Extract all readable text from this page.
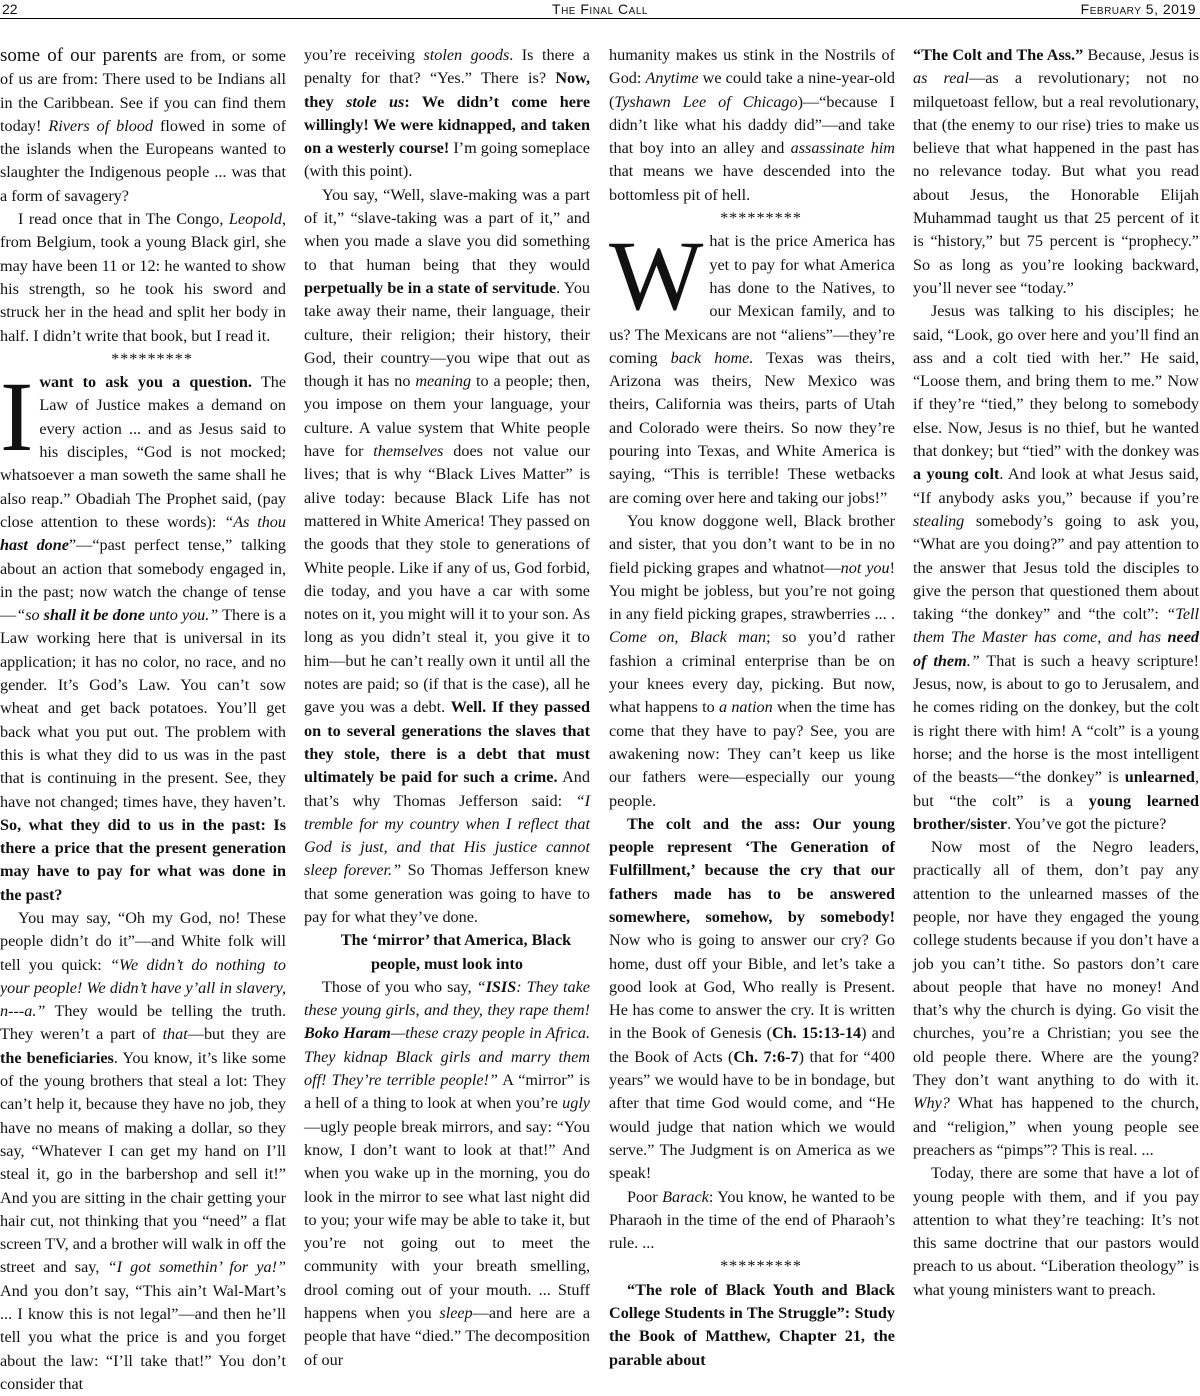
22	The Final Call	February 5, 2019

some of our parents are from, or some of us are from: There used to be Indians all in the Caribbean. See if you can find them today! Rivers of blood flowed in some of the islands when the Europeans wanted to slaughter the Indigenous people ... was that a form of savagery?

I read once that in The Congo, Leopold, from Belgium, took a young Black girl, she may have been 11 or 12: he wanted to show his strength, so he took his sword and struck her in the head and split her body in half. I didn’t write that book, but I read it.

*********

I want to ask you a question. The Law of Justice makes a demand on every action ... and as Jesus said to his disciples, “God is not mocked; whatsoever a man soweth the same shall he also reap.” Obadiah The Prophet said, (pay close attention to these words): “As thou hast done”—“past perfect tense,” talking about an action that somebody engaged in, in the past; now watch the change of tense—“so shall it be done unto you.” There is a Law working here that is universal in its application; it has no color, no race, and no gender. It’s God’s Law. You can’t sow wheat and get back potatoes. You’ll get back what you put out. The problem with this is what they did to us was in the past that is continuing in the present. See, they have not changed; times have, they haven’t. So, what they did to us in the past: Is there a price that the present generation may have to pay for what was done in the past?

You may say, “Oh my God, no! These people didn’t do it”—and White folk will tell you quick: “We didn’t do nothing to your people! We didn’t have y’all in slavery, n---a.” They would be telling the truth. They weren’t a part of that—but they are the beneficiaries. You know, it’s like some of the young brothers that steal a lot: They can’t help it, because they have no job, they have no means of making a dollar, so they say, “Whatever I can get my hand on I’ll steal it, go in the barbershop and sell it!” And you are sitting in the chair getting your hair cut, not thinking that you “need” a flat screen TV, and a brother will walk in off the street and say, “I got somethin’ for ya!” And you don’t say, “This ain’t Wal-Mart’s ... I know this is not legal”—and then he’ll tell you what the price is and you forget about the law: “I’ll take that!” You don’t consider that

you’re receiving stolen goods. Is there a penalty for that? “Yes.” There is? Now, they stole us: We didn’t come here willingly! We were kidnapped, and taken on a westerly course! I’m going someplace (with this point).

You say, “Well, slave-making was a part of it,” “slave-taking was a part of it,” and when you made a slave you did something to that human being that they would perpetually be in a state of servitude. You take away their name, their language, their culture, their religion; their history, their God, their country—you wipe that out as though it has no meaning to a people; then, you impose on them your language, your culture. A value system that White people have for themselves does not value our lives; that is why “Black Lives Matter” is alive today: because Black Life has not mattered in White America! They passed on the goods that they stole to generations of White people. Like if any of us, God forbid, die today, and you have a car with some notes on it, you might will it to your son. As long as you didn’t steal it, you give it to him—but he can’t really own it until all the notes are paid; so (if that is the case), all he gave you was a debt. Well. If they passed on to several generations the slaves that they stole, there is a debt that must ultimately be paid for such a crime. And that’s why Thomas Jefferson said: “I tremble for my country when I reflect that God is just, and that His justice cannot sleep forever.” So Thomas Jefferson knew that some generation was going to have to pay for what they’ve done.

The ‘mirror’ that America, Black people, must look into

Those of you who say, “ISIS: They take these young girls, and they, they rape them! Boko Haram—these crazy people in Africa. They kidnap Black girls and marry them off! They’re terrible people!” A “mirror” is a hell of a thing to look at when you’re ugly—ugly people break mirrors, and say: “You know, I don’t want to look at that!” And when you wake up in the morning, you do look in the mirror to see what last night did to you; your wife may be able to take it, but you’re not going out to meet the community with your breath smelling, drool coming out of your mouth. ... Stuff happens when you sleep—and here are a people that have “died.” The decomposition of our

humanity makes us stink in the Nostrils of God: Anytime we could take a nine-year-old (Tyshawn Lee of Chicago)—“because I didn’t like what his daddy did”—and take that boy into an alley and assassinate him that means we have descended into the bottomless pit of hell.

*********

What is the price America has yet to pay for what America has done to the Natives, to our Mexican family, and to us? The Mexicans are not “aliens”—they’re coming back home. Texas was theirs, Arizona was theirs, New Mexico was theirs, California was theirs, parts of Utah and Colorado were theirs. So now they’re pouring into Texas, and White America is saying, “This is terrible! These wetbacks are coming over here and taking our jobs!”

You know doggone well, Black brother and sister, that you don’t want to be in no field picking grapes and whatnot—not you! You might be jobless, but you’re not going in any field picking grapes, strawberries ... . Come on, Black man; so you’d rather fashion a criminal enterprise than be on your knees every day, picking. But now, what happens to a nation when the time has come that they have to pay? See, you are awakening now: They can’t keep us like our fathers were—especially our young people.

The colt and the ass: Our young people represent ‘The Generation of Fulfillment,’ because the cry that our fathers made has to be answered somewhere, somehow, by somebody! Now who is going to answer our cry? Go home, dust off your Bible, and let’s take a good look at God, Who really is Present. He has come to answer the cry. It is written in the Book of Genesis (Ch. 15:13-14) and the Book of Acts (Ch. 7:6-7) that for “400 years” we would have to be in bondage, but after that time God would come, and “He would judge that nation which we would serve.” The Judgment is on America as we speak!

Poor Barack: You know, he wanted to be Pharaoh in the time of the end of Pharaoh’s rule. ...

*********

“The role of Black Youth and Black College Students in The Struggle”: Study the Book of Matthew, Chapter 21, the parable about

“The Colt and The Ass.” Because, Jesus is as real—as a revolutionary; not no milquetoast fellow, but a real revolutionary, that (the enemy to our rise) tries to make us believe that what happened in the past has no relevance today. But what you read about Jesus, the Honorable Elijah Muhammad taught us that 25 percent of it is “history,” but 75 percent is “prophecy.” So as long as you’re looking backward, you’ll never see “today.”

Jesus was talking to his disciples; he said, “Look, go over here and you’ll find an ass and a colt tied with her.” He said, “Loose them, and bring them to me.” Now if they’re “tied,” they belong to somebody else. Now, Jesus is no thief, but he wanted that donkey; but “tied” with the donkey was a young colt. And look at what Jesus said, “If anybody asks you,” because if you’re stealing somebody’s going to ask you, “What are you doing?” and pay attention to the answer that Jesus told the disciples to give the person that questioned them about taking “the donkey” and “the colt”: “Tell them The Master has come, and has need of them.” That is such a heavy scripture! Jesus, now, is about to go to Jerusalem, and he comes riding on the donkey, but the colt is right there with him! A “colt” is a young horse; and the horse is the most intelligent of the beasts—“the donkey” is unlearned, but “the colt” is a young learned brother/sister. You’ve got the picture?

Now most of the Negro leaders, practically all of them, don’t pay any attention to the unlearned masses of the people, nor have they engaged the young college students because if you don’t have a job you can’t tithe. So pastors don’t care about people that have no money! And that’s why the church is dying. Go visit the churches, you’re a Christian; you see the old people there. Where are the young? They don’t want anything to do with it. Why? What has happened to the church, and “religion,” when young people see preachers as “pimps”? This is real. ...

Today, there are some that have a lot of young people with them, and if you pay attention to what they’re teaching: It’s not this same doctrine that our pastors would preach to us about. “Liberation theology” is what young ministers want to preach.
